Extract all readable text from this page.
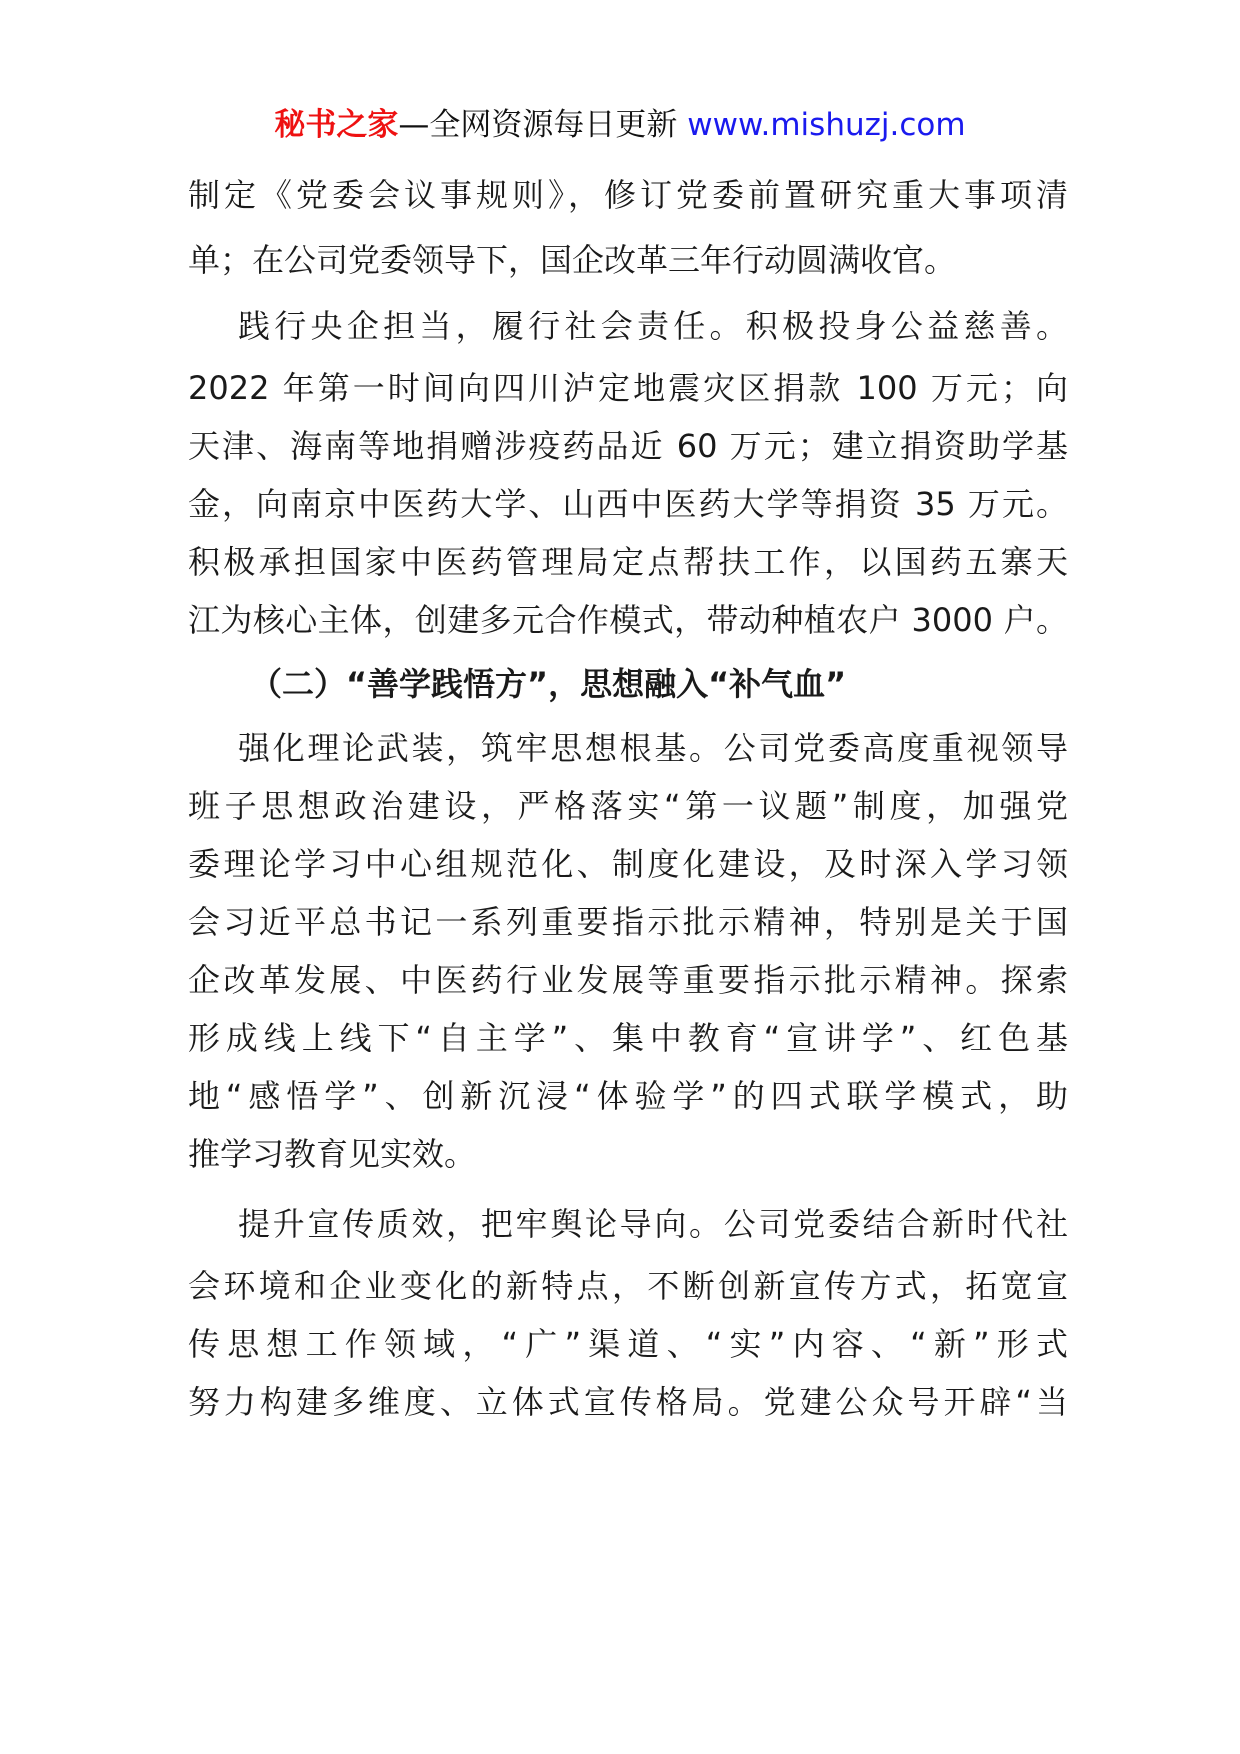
秘书之家—全网资源每日更新 www.mishuzj.com
制定《党委会议事规则》，修订党委前置研究重大事项清
单；在公司党委领导下，国企改革三年行动圆满收官。
践行央企担当，履行社会责任。积极投身公益慈善。
2022 年第一时间向四川泸定地震灾区捐款 100 万元；向
天津、海南等地捐赠涉疫药品近 60 万元；建立捐资助学基
金，向南京中医药大学、山西中医药大学等捐资 35 万元。
积极承担国家中医药管理局定点帮扶工作，以国药五寨天
江为核心主体，创建多元合作模式，带动种植农户 3000 户。
（二）“善学践悟方”，思想融入“补气血”
强化理论武装，筑牢思想根基。公司党委高度重视领导
班子思想政治建设，严格落实“第一议题”制度，加强党
委理论学习中心组规范化、制度化建设，及时深入学习领
会习近平总书记一系列重要指示批示精神，特别是关于国
企改革发展、中医药行业发展等重要指示批示精神。探索
形成线上线下“自主学”、集中教育“宣讲学”、红色基
地“感悟学”、创新沉浸“体验学”的四式联学模式，助
推学习教育见实效。
提升宣传质效，把牢舆论导向。公司党委结合新时代社
会环境和企业变化的新特点，不断创新宣传方式，拓宽宣
传思想工作领域，“广”渠道、“实”内容、“新”形式
努力构建多维度、立体式宣传格局。党建公众号开辟“当
